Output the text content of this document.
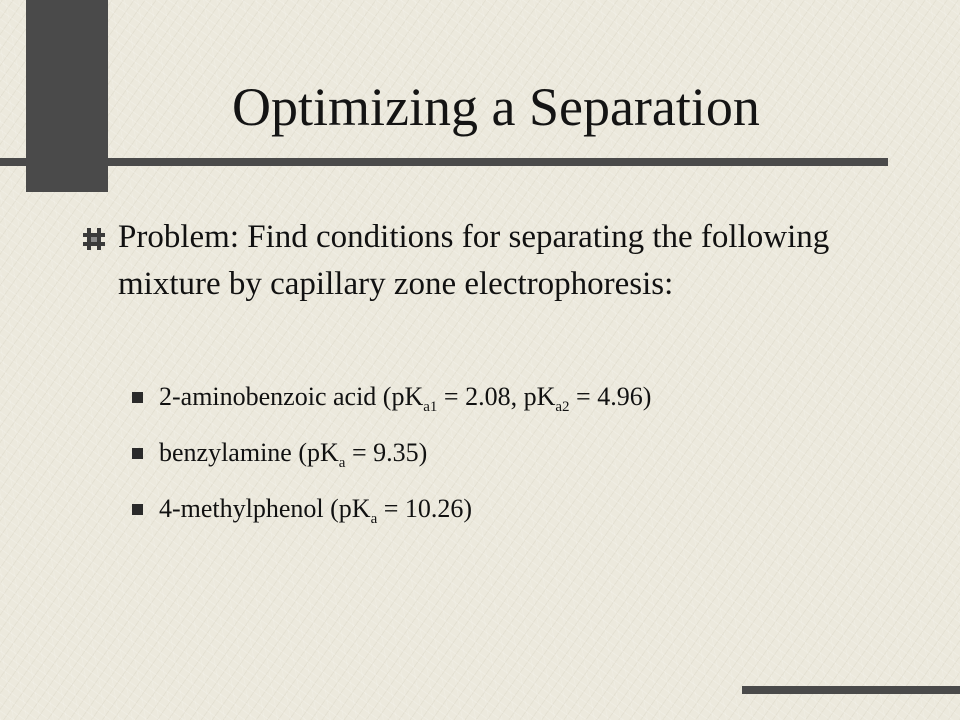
Optimizing a Separation

Problem: Find conditions for separating the following mixture by capillary zone electrophoresis:

2-aminobenzoic acid ($pK_{a1} = 2.08$, $pK_{a2} = 4.96$)
benzylamine $(pK_a = 9.35)$
4-methylphenol $(pK_a = 10.26)$
